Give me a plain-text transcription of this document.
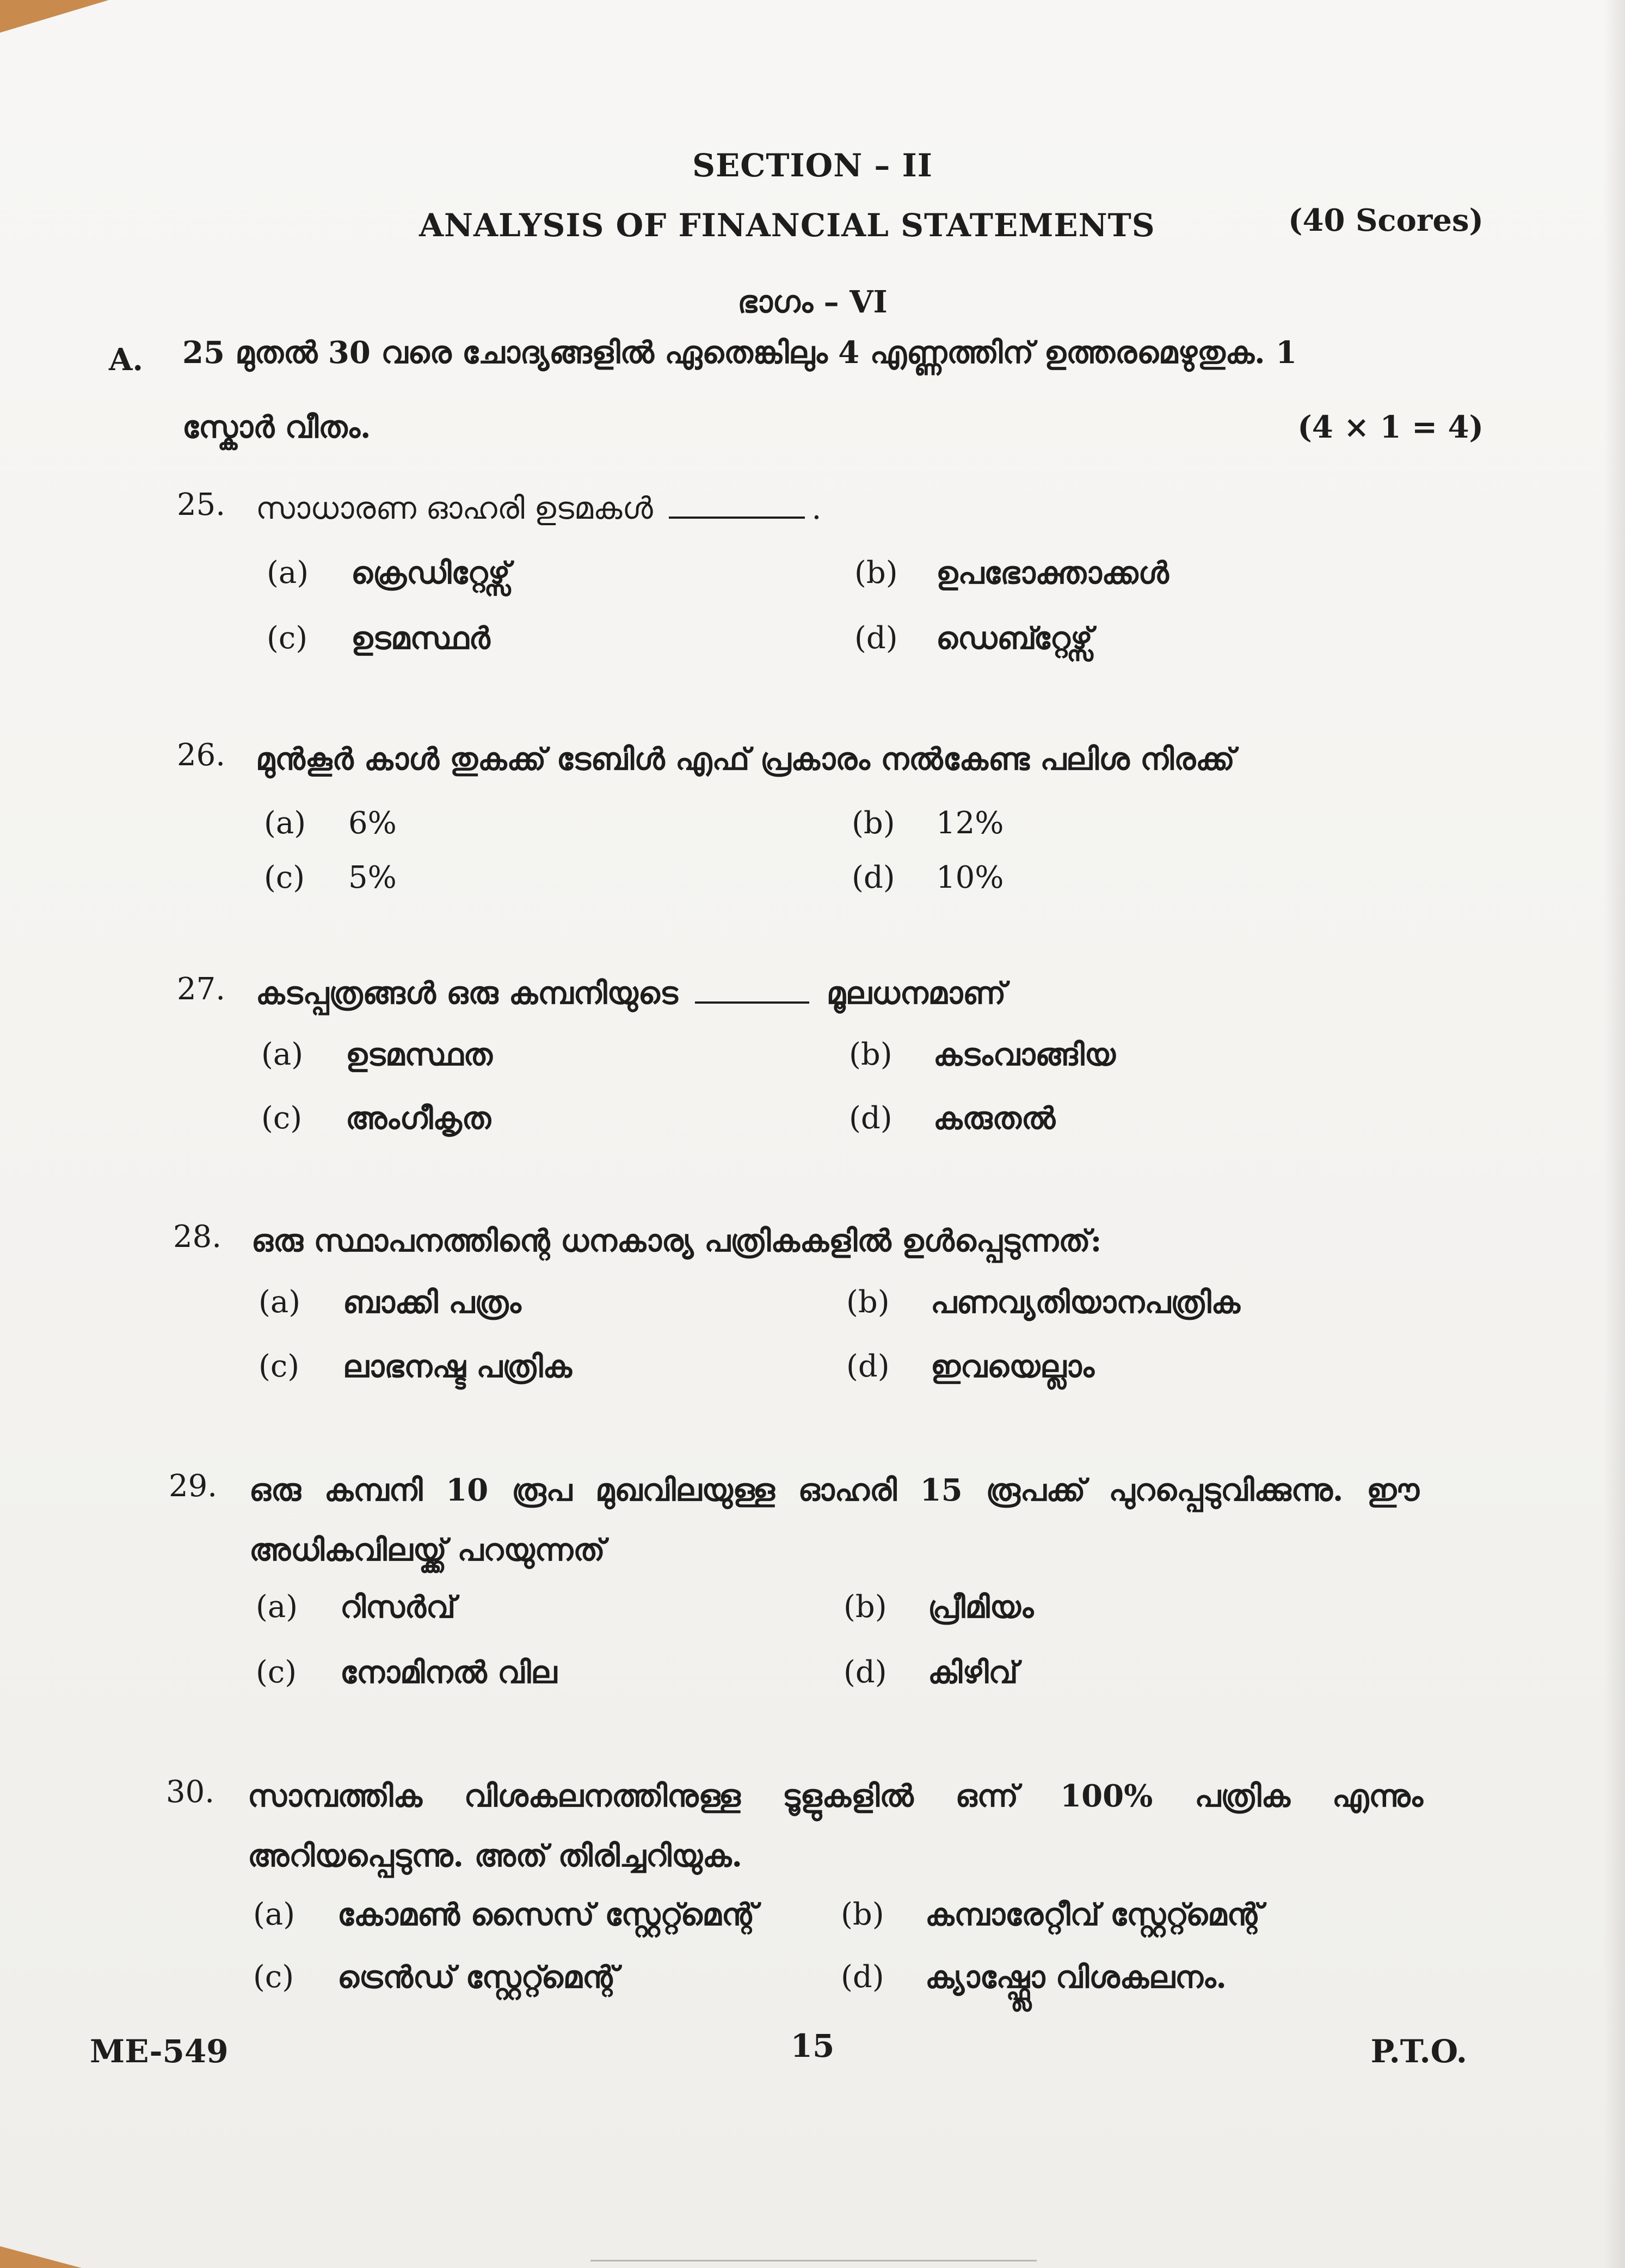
SECTION – II
ANALYSIS OF FINANCIAL STATEMENTS	(40 Scores)
ഭാഗം – VI
A. 25 മുതൽ 30 വരെ ചോദ്യങ്ങളിൽ ഏതെങ്കിലും 4 എണ്ണത്തിന് ഉത്തരമെഴുതുക. 1
സ്കോർ വീതം.	(4 × 1 = 4)
25. സാധാരണ ഓഹരി ഉടമകൾ	.
(a) ക്രെഡിറ്റേഴ്സ്	(b) ഉപഭോക്താക്കൾ
(c) ഉടമസ്ഥർ	(d) ഡെബ്റ്റേഴ്സ്
26. മുൻകൂർ കാൾ തുകക്ക് ടേബിൾ എഫ് പ്രകാരം നൽകേണ്ട പലിശ നിരക്ക്
(a) 6%	(b) 12%
(c) 5%	(d) 10%
27. കടപ്പത്രങ്ങൾ ഒരു കമ്പനിയുടെ	മൂലധനമാണ്
(a) ഉടമസ്ഥത	(b) കടംവാങ്ങിയ
(c) അംഗീകൃത	(d) കരുതൽ
28. ഒരു സ്ഥാപനത്തിന്റെ ധനകാര്യ പത്രികകളിൽ ഉൾപ്പെടുന്നത്:
(a) ബാക്കി പത്രം	(b) പണവ്യതിയാനപത്രിക
(c) ലാഭനഷ്ട പത്രിക	(d) ഇവയെല്ലാം
29. ഒരു കമ്പനി 10 രൂപ മുഖവിലയുള്ള ഓഹരി 15 രൂപക്ക് പുറപ്പെടുവിക്കുന്നു. ഈ അധികവിലയ്ക്ക് പറയുന്നത്
(a) റിസർവ്	(b) പ്രീമിയം
(c) നോമിനൽ വില	(d) കിഴിവ്
30. സാമ്പത്തിക വിശകലനത്തിനുള്ള ടൂളുകളിൽ ഒന്ന് 100% പത്രിക എന്നും അറിയപ്പെടുന്നു. അത് തിരിച്ചറിയുക.
(a) കോമൺ സൈസ് സ്റ്റേറ്റ്മെന്റ്	(b) കമ്പാരേറ്റീവ് സ്റ്റേറ്റ്മെന്റ്
(c) ട്രെൻഡ് സ്റ്റേറ്റ്മെന്റ്	(d) ക്യാഷ്ഫ്ലോ വിശകലനം.
ME-549	15	P.T.O.
